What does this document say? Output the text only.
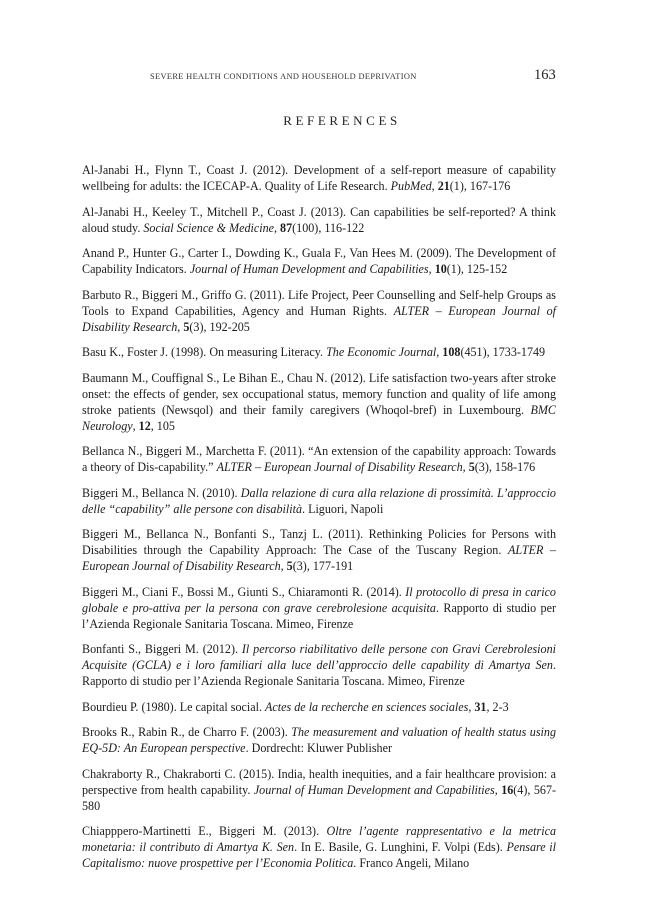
SEVERE HEALTH CONDITIONS AND HOUSEHOLD DEPRIVATION	163
REFERENCES
Al-Janabi H., Flynn T., Coast J. (2012). Development of a self-report measure of capability wellbeing for adults: the ICECAP-A. Quality of Life Research. PubMed, 21(1), 167-176
Al-Janabi H., Keeley T., Mitchell P., Coast J. (2013). Can capabilities be self-reported? A think aloud study. Social Science & Medicine, 87(100), 116-122
Anand P., Hunter G., Carter I., Dowding K., Guala F., Van Hees M. (2009). The Development of Capability Indicators. Journal of Human Development and Capabilities, 10(1), 125-152
Barbuto R., Biggeri M., Griffo G. (2011). Life Project, Peer Counselling and Self-help Groups as Tools to Expand Capabilities, Agency and Human Rights. ALTER – European Journal of Disability Research, 5(3), 192-205
Basu K., Foster J. (1998). On measuring Literacy. The Economic Journal, 108(451), 1733-1749
Baumann M., Couffignal S., Le Bihan E., Chau N. (2012). Life satisfaction two-years after stroke onset: the effects of gender, sex occupational status, memory function and quality of life among stroke patients (Newsqol) and their family caregivers (Whoqol-bref) in Luxembourg. BMC Neurology, 12, 105
Bellanca N., Biggeri M., Marchetta F. (2011). “An extension of the capability approach: Towards a theory of Dis-capability.” ALTER – European Journal of Disability Research, 5(3), 158-176
Biggeri M., Bellanca N. (2010). Dalla relazione di cura alla relazione di prossimità. L’approccio delle “capability” alle persone con disabilità. Liguori, Napoli
Biggeri M., Bellanca N., Bonfanti S., Tanzj L. (2011). Rethinking Policies for Persons with Disabilities through the Capability Approach: The Case of the Tuscany Region. ALTER – European Journal of Disability Research, 5(3), 177-191
Biggeri M., Ciani F., Bossi M., Giunti S., Chiaramonti R. (2014). Il protocollo di presa in carico globale e pro-attiva per la persona con grave cerebrolesione acquisita. Rapporto di studio per l’Azienda Regionale Sanitaria Toscana. Mimeo, Firenze
Bonfanti S., Biggeri M. (2012). Il percorso riabilitativo delle persone con Gravi Cerebrolesioni Acquisite (GCLA) e i loro familiari alla luce dell’approccio delle capability di Amartya Sen. Rapporto di studio per l’Azienda Regionale Sanitaria Toscana. Mimeo, Firenze
Bourdieu P. (1980). Le capital social. Actes de la recherche en sciences sociales, 31, 2-3
Brooks R., Rabin R., de Charro F. (2003). The measurement and valuation of health status using EQ-5D: An European perspective. Dordrecht: Kluwer Publisher
Chakraborty R., Chakraborti C. (2015). India, health inequities, and a fair healthcare provision: a perspective from health capability. Journal of Human Development and Capabilities, 16(4), 567-580
Chiapppero-Martinetti E., Biggeri M. (2013). Oltre l’agente rappresentativo e la metrica monetaria: il contributo di Amartya K. Sen. In E. Basile, G. Lunghini, F. Volpi (Eds). Pensare il Capitalismo: nuove prospettive per l’Economia Politica. Franco Angeli, Milano
